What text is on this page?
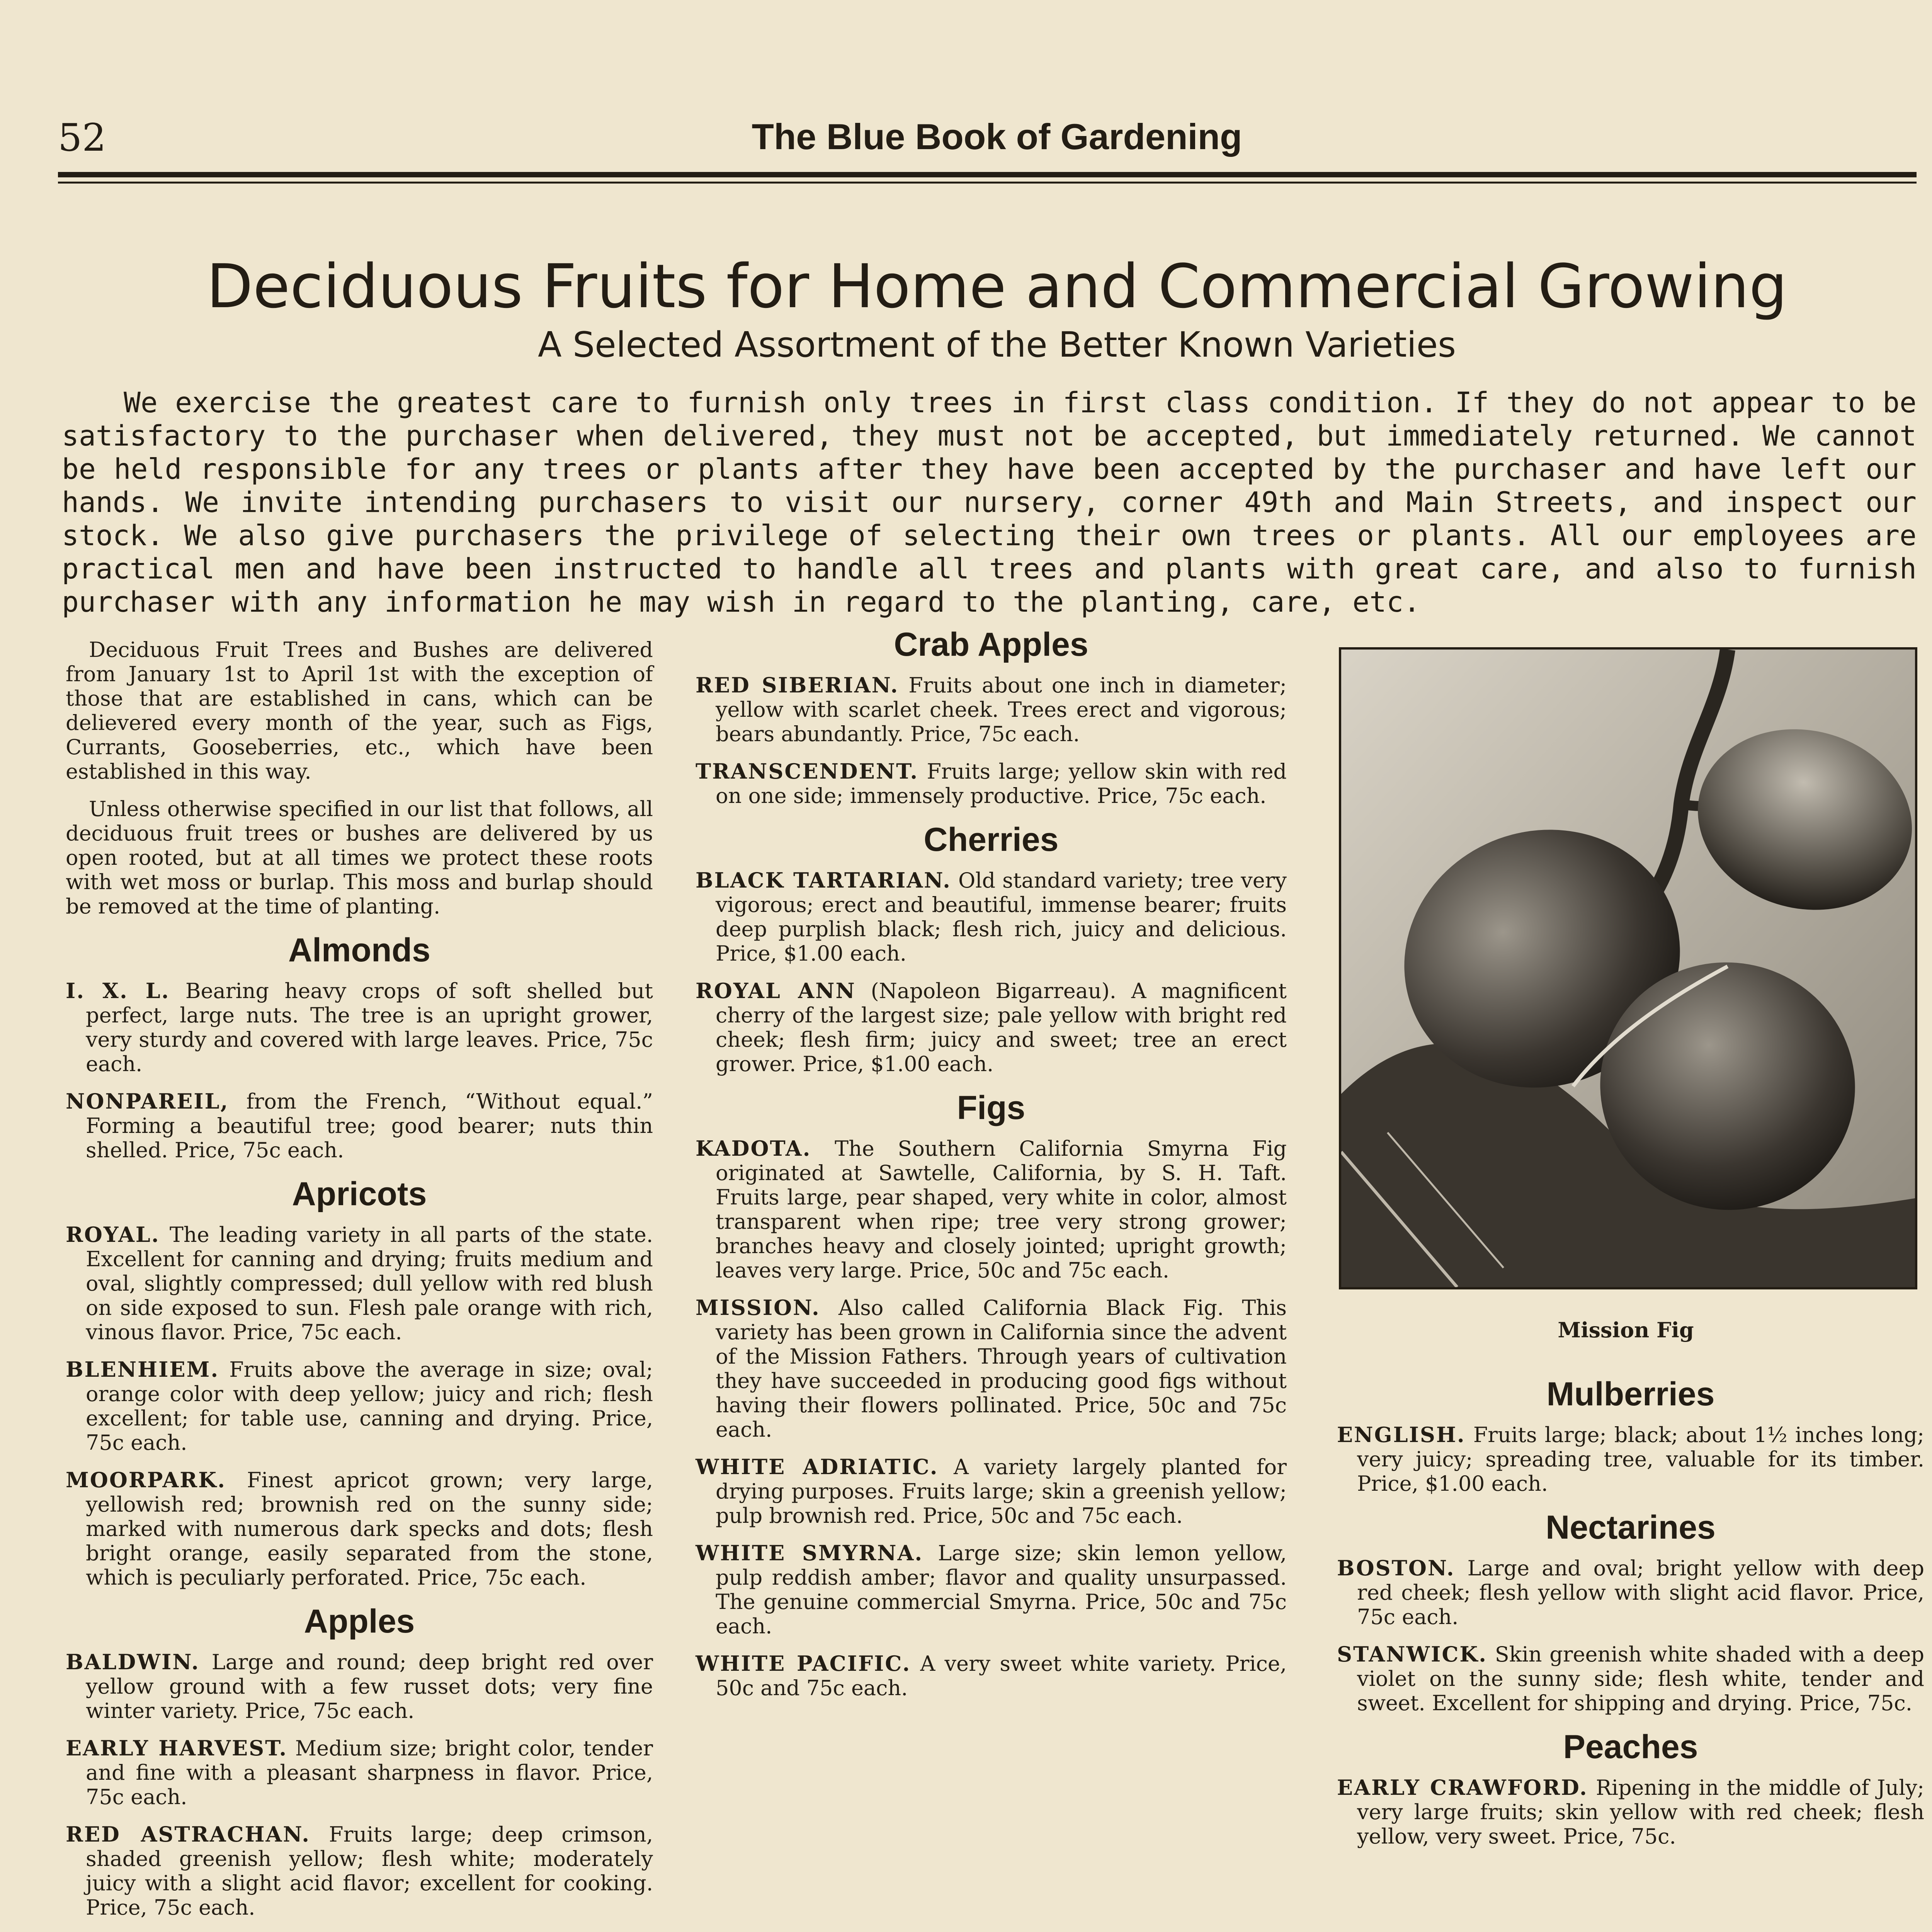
52	The Blue Book of Gardening
Deciduous Fruits for Home and Commercial Growing
A Selected Assortment of the Better Known Varieties
We exercise the greatest care to furnish only trees in first class condition. If they do not appear to be satisfactory to the purchaser when delivered, they must not be accepted, but immediately returned. We cannot be held responsible for any trees or plants after they have been accepted by the purchaser and have left our hands. We invite intending purchasers to visit our nursery, corner 49th and Main Streets, and inspect our stock. We also give purchasers the privilege of selecting their own trees or plants. All our employees are practical men and have been instructed to handle all trees and plants with great care, and also to furnish purchaser with any information he may wish in regard to the planting, care, etc.

Deciduous Fruit Trees and Bushes are delivered from January 1st to April 1st with the exception of those that are established in cans, which can be delievered every month of the year, such as Figs, Currants, Gooseberries, etc., which have been established in this way.

Unless otherwise specified in our list that follows, all deciduous fruit trees or bushes are delivered by us open rooted, but at all times we protect these roots with wet moss or burlap. This moss and burlap should be removed at the time of planting.

Almonds
I. X. L. Bearing heavy crops of soft shelled but perfect, large nuts. The tree is an upright grower, very sturdy and covered with large leaves. Price, 75c each.
NONPAREIL, from the French, “Without equal.” Forming a beautiful tree; good bearer; nuts thin shelled. Price, 75c each.
Apricots
ROYAL. The leading variety in all parts of the state. Excellent for canning and drying; fruits medium and oval, slightly compressed; dull yellow with red blush on side exposed to sun. Flesh pale orange with rich, vinous flavor. Price, 75c each.
BLENHIEM. Fruits above the average in size; oval; orange color with deep yellow; juicy and rich; flesh excellent; for table use, canning and drying. Price, 75c each.
MOORPARK. Finest apricot grown; very large, yellowish red; brownish red on the sunny side; marked with numerous dark specks and dots; flesh bright orange, easily separated from the stone, which is peculiarly perforated. Price, 75c each.
Apples
BALDWIN. Large and round; deep bright red over yellow ground with a few russet dots; very fine winter variety. Price, 75c each.
EARLY HARVEST. Medium size; bright color, tender and fine with a pleasant sharpness in flavor. Price, 75c each.
RED ASTRACHAN. Fruits large; deep crimson, shaded greenish yellow; flesh white; moderately juicy with a slight acid flavor; excellent for cooking. Price, 75c each.
Crab Apples
RED SIBERIAN. Fruits about one inch in diameter; yellow with scarlet cheek. Trees erect and vigorous; bears abundantly. Price, 75c each.
TRANSCENDENT. Fruits large; yellow skin with red on one side; immensely productive. Price, 75c each.
Cherries
BLACK TARTARIAN. Old standard variety; tree very vigorous; erect and beautiful, immense bearer; fruits deep purplish black; flesh rich, juicy and delicious. Price, $1.00 each.
ROYAL ANN (Napoleon Bigarreau). A magnificent cherry of the largest size; pale yellow with bright red cheek; flesh firm; juicy and sweet; tree an erect grower. Price, $1.00 each.
Figs
KADOTA. The Southern California Smyrna Fig originated at Sawtelle, California, by S. H. Taft. Fruits large, pear shaped, very white in color, almost transparent when ripe; tree very strong grower; branches heavy and closely jointed; upright growth; leaves very large. Price, 50c and 75c each.
MISSION. Also called California Black Fig. This variety has been grown in California since the advent of the Mission Fathers. Through years of cultivation they have succeeded in producing good figs without having their flowers pollinated. Price, 50c and 75c each.
WHITE ADRIATIC. A variety largely planted for drying purposes. Fruits large; skin a greenish yellow; pulp brownish red. Price, 50c and 75c each.
WHITE SMYRNA. Large size; skin lemon yellow, pulp reddish amber; flavor and quality unsurpassed. The genuine commercial Smyrna. Price, 50c and 75c each.
WHITE PACIFIC. A very sweet white variety. Price, 50c and 75c each.
Mission Fig
Mulberries
ENGLISH. Fruits large; black; about 1½ inches long; very juicy; spreading tree, valuable for its timber. Price, $1.00 each.
Nectarines
BOSTON. Large and oval; bright yellow with deep red cheek; flesh yellow with slight acid flavor. Price, 75c each.
STANWICK. Skin greenish white shaded with a deep violet on the sunny side; flesh white, tender and sweet. Excellent for shipping and drying. Price, 75c.
Peaches
EARLY CRAWFORD. Ripening in the middle of July; very large fruits; skin yellow with red cheek; flesh yellow, very sweet. Price, 75c.
